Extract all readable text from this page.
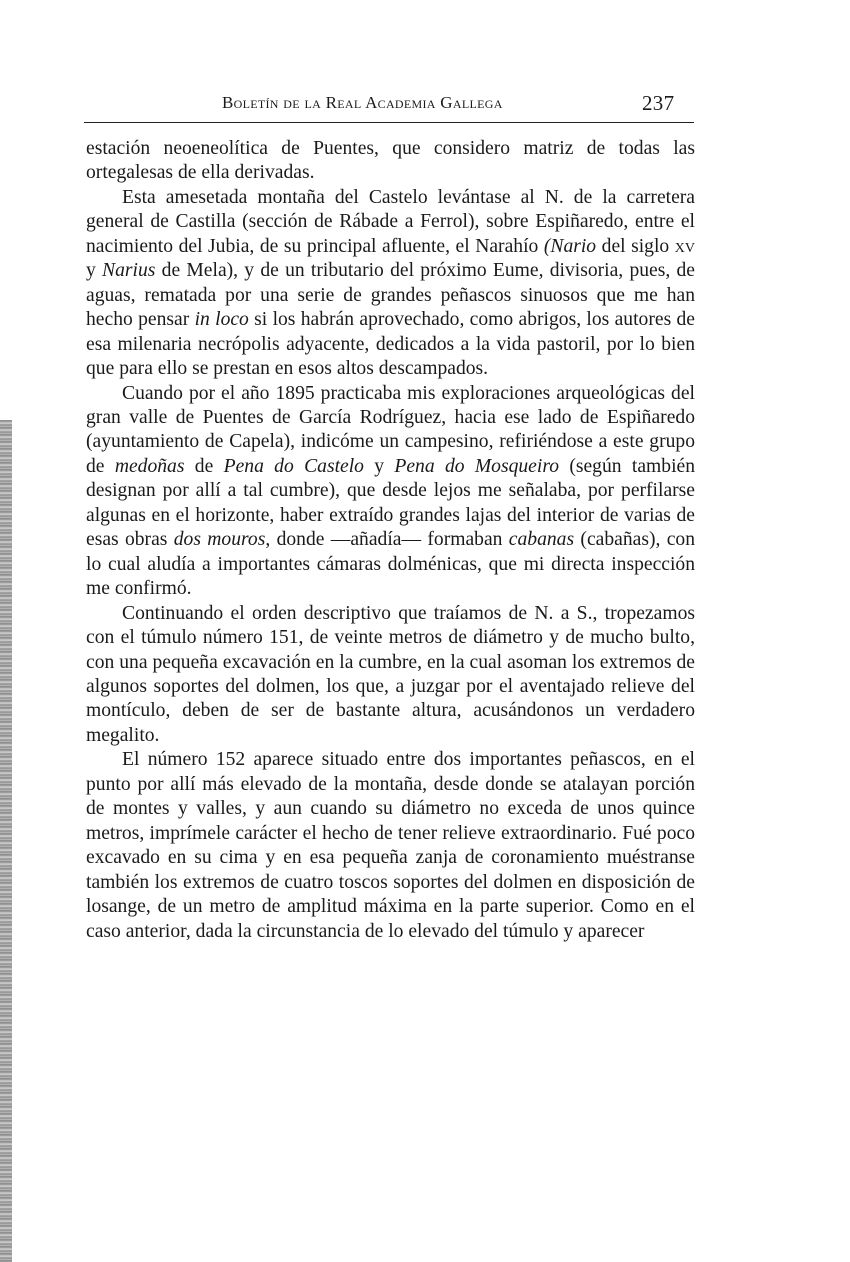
Boletín de la Real Academia Gallega	237

estación neoeneolítica de Puentes, que considero matriz de todas las ortegalesas de ella derivadas.

Esta amesetada montaña del Castelo levántase al N. de la carretera general de Castilla (sección de Rábade a Ferrol), sobre Espiñaredo, entre el nacimiento del Jubia, de su principal afluente, el Narahío (Nario del siglo xv y Narius de Mela), y de un tributario del próximo Eume, divisoria, pues, de aguas, rematada por una serie de grandes peñascos sinuosos que me han hecho pensar in loco si los habrán aprovechado, como abrigos, los autores de esa milenaria necrópolis adyacente, dedicados a la vida pastoril, por lo bien que para ello se prestan en esos altos descampados.

Cuando por el año 1895 practicaba mis exploraciones arqueológicas del gran valle de Puentes de García Rodríguez, hacia ese lado de Espiñaredo (ayuntamiento de Capela), indicóme un campesino, refiriéndose a este grupo de medoñas de Pena do Castelo y Pena do Mosqueiro (según también designan por allí a tal cumbre), que desde lejos me señalaba, por perfilarse algunas en el horizonte, haber extraído grandes lajas del interior de varias de esas obras dos mouros, donde —añadía— formaban cabanas (cabañas), con lo cual aludía a importantes cámaras dolménicas, que mi directa inspección me confirmó.

Continuando el orden descriptivo que traíamos de N. a S., tropezamos con el túmulo número 151, de veinte metros de diámetro y de mucho bulto, con una pequeña excavación en la cumbre, en la cual asoman los extremos de algunos soportes del dolmen, los que, a juzgar por el aventajado relieve del montículo, deben de ser de bastante altura, acusándonos un verdadero megalito.

El número 152 aparece situado entre dos importantes peñascos, en el punto por allí más elevado de la montaña, desde donde se atalayan porción de montes y valles, y aun cuando su diámetro no exceda de unos quince metros, imprímele carácter el hecho de tener relieve extraordinario. Fué poco excavado en su cima y en esa pequeña zanja de coronamiento muéstranse también los extremos de cuatro toscos soportes del dolmen en disposición de losange, de un metro de amplitud máxima en la parte superior. Como en el caso anterior, dada la circunstancia de lo elevado del túmulo y aparecer
